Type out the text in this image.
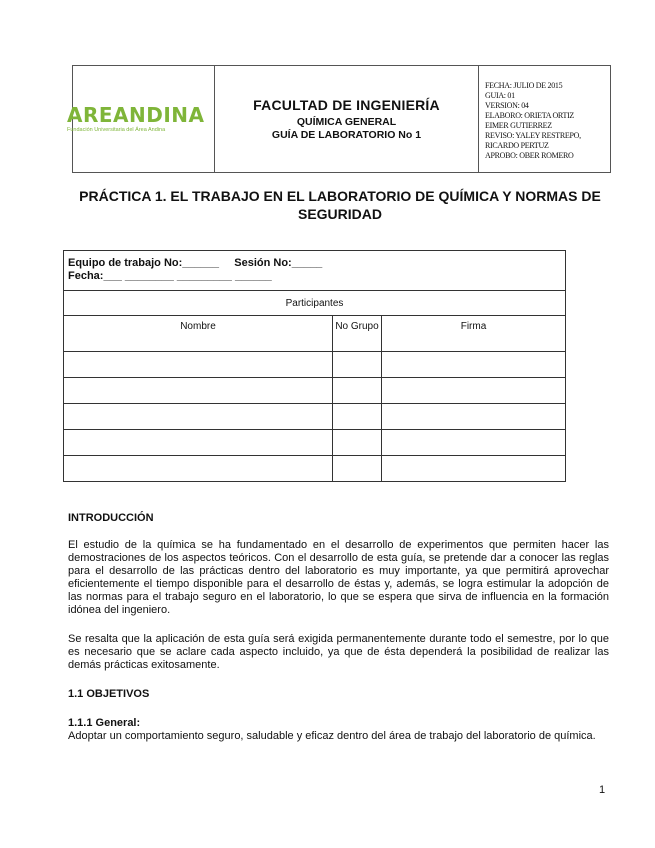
AREANDINA
Fundación Universitaria del Área Andina
FACULTAD DE INGENIERÍA
QUÍMICA GENERAL
GUÍA DE LABORATORIO No 1
FECHA: JULIO DE 2015
GUIA: 01
VERSION: 04
ELABORO: ORIETA ORTIZ
EIMER GUTIERREZ
REVISO: YALEY RESTREPO,
RICARDO PERTUZ
APROBO: OBER ROMERO
PRÁCTICA 1. EL TRABAJO EN EL LABORATORIO DE QUÍMICA Y NORMAS DE SEGURIDAD
Equipo de trabajo No:______ Sesión No:_____
Fecha:___ ________ _________ ______		
Participantes		
Nombre	No Grupo	Firma

INTRODUCCIÓN
El estudio de la química se ha fundamentado en el desarrollo de experimentos que permiten hacer las demostraciones de los aspectos teóricos. Con el desarrollo de esta guía, se pretende dar a conocer las reglas para el desarrollo de las prácticas dentro del laboratorio es muy importante, ya que permitirá aprovechar eficientemente el tiempo disponible para el desarrollo de éstas y, además, se logra estimular la adopción de las normas para el trabajo seguro en el laboratorio, lo que se espera que sirva de influencia en la formación idónea del ingeniero.
Se resalta que la aplicación de esta guía será exigida permanentemente durante todo el semestre, por lo que es necesario que se aclare cada aspecto incluido, ya que de ésta dependerá la posibilidad de realizar las demás prácticas exitosamente.
1.1 OBJETIVOS
1.1.1 General:
Adoptar un comportamiento seguro, saludable y eficaz dentro del área de trabajo del laboratorio de química.
1
